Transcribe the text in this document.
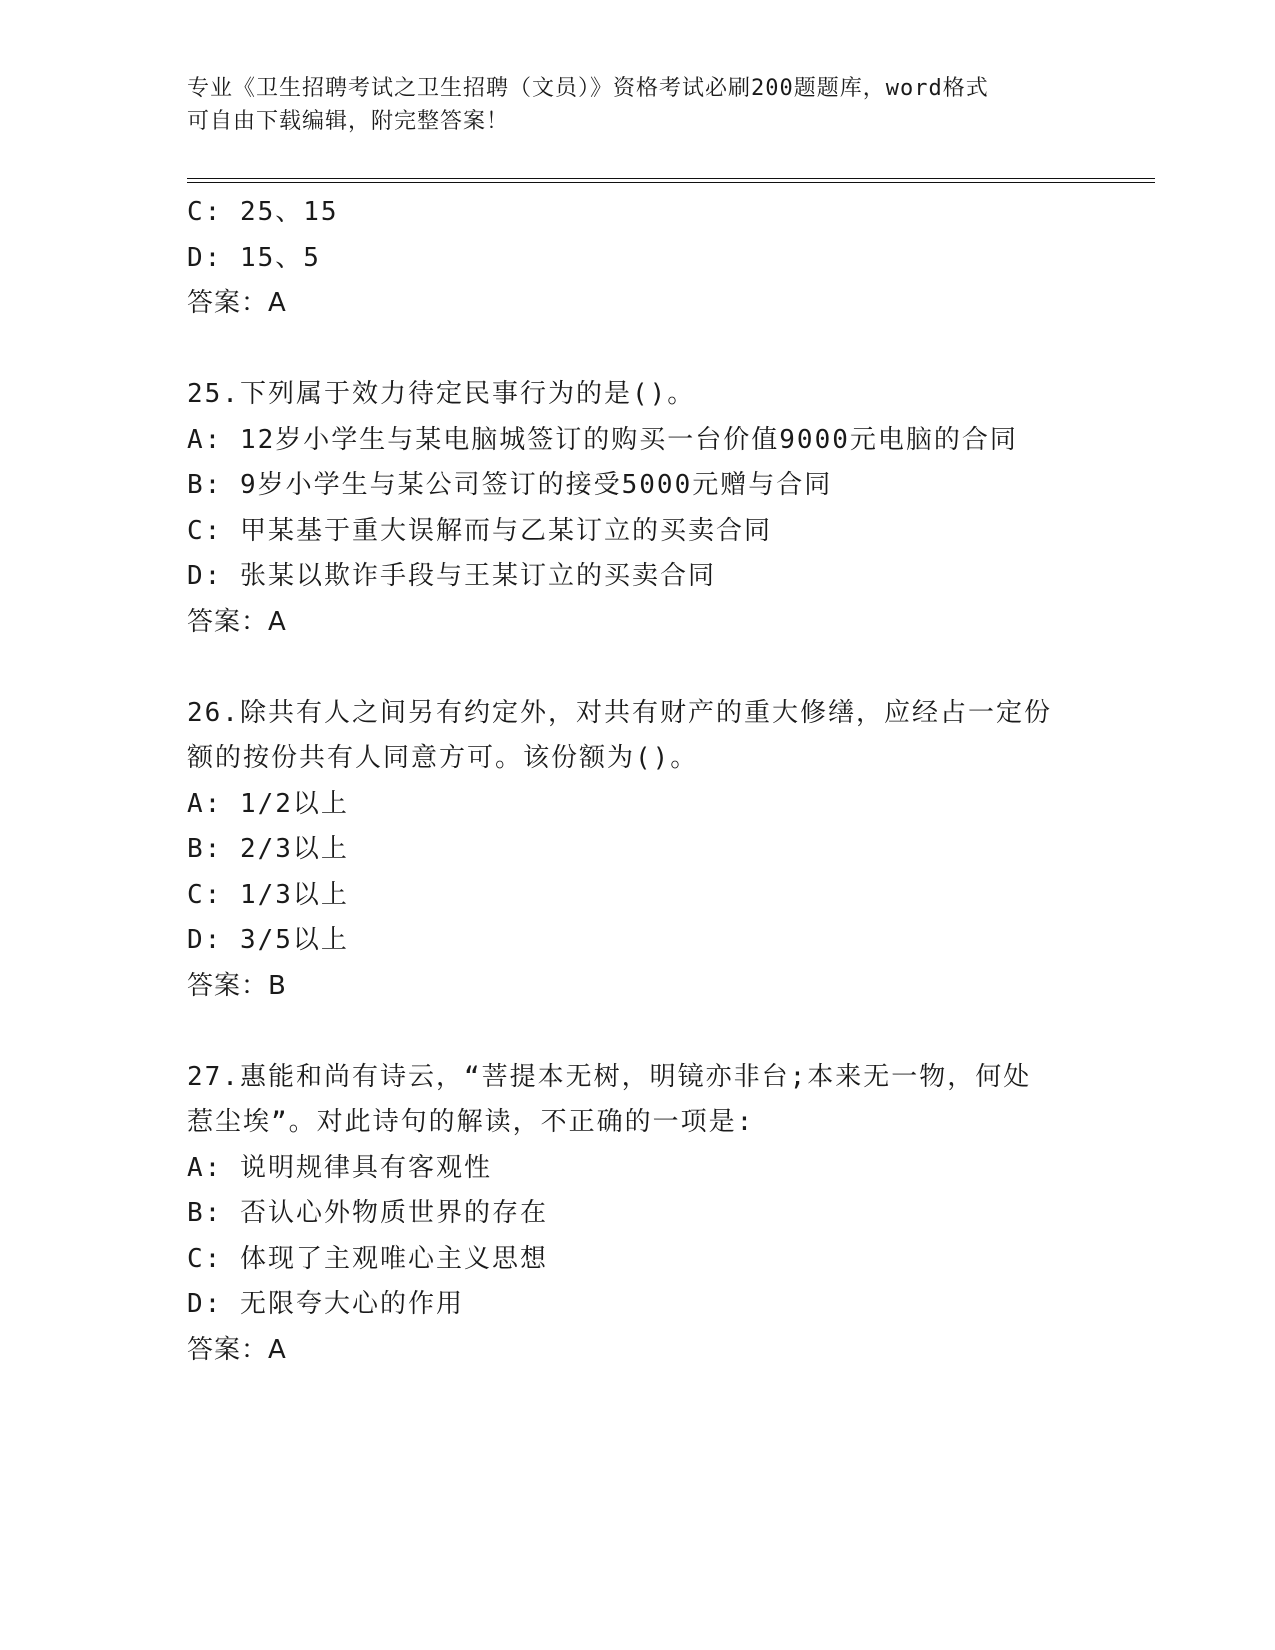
专业《卫生招聘考试之卫生招聘（文员）》资格考试必刷200题题库，word格式
可自由下载编辑，附完整答案！
C: 25、15
D: 15、5
答案：A
25.下列属于效力待定民事行为的是()。
A: 12岁小学生与某电脑城签订的购买一台价值9000元电脑的合同
B: 9岁小学生与某公司签订的接受5000元赠与合同
C: 甲某基于重大误解而与乙某订立的买卖合同
D: 张某以欺诈手段与王某订立的买卖合同
答案：A
26.除共有人之间另有约定外，对共有财产的重大修缮，应经占一定份
额的按份共有人同意方可。该份额为()。
A: 1/2以上
B: 2/3以上
C: 1/3以上
D: 3/5以上
答案：B
27.惠能和尚有诗云，“菩提本无树，明镜亦非台;本来无一物，何处
惹尘埃”。对此诗句的解读，不正确的一项是:
A: 说明规律具有客观性
B: 否认心外物质世界的存在
C: 体现了主观唯心主义思想
D: 无限夸大心的作用
答案：A
